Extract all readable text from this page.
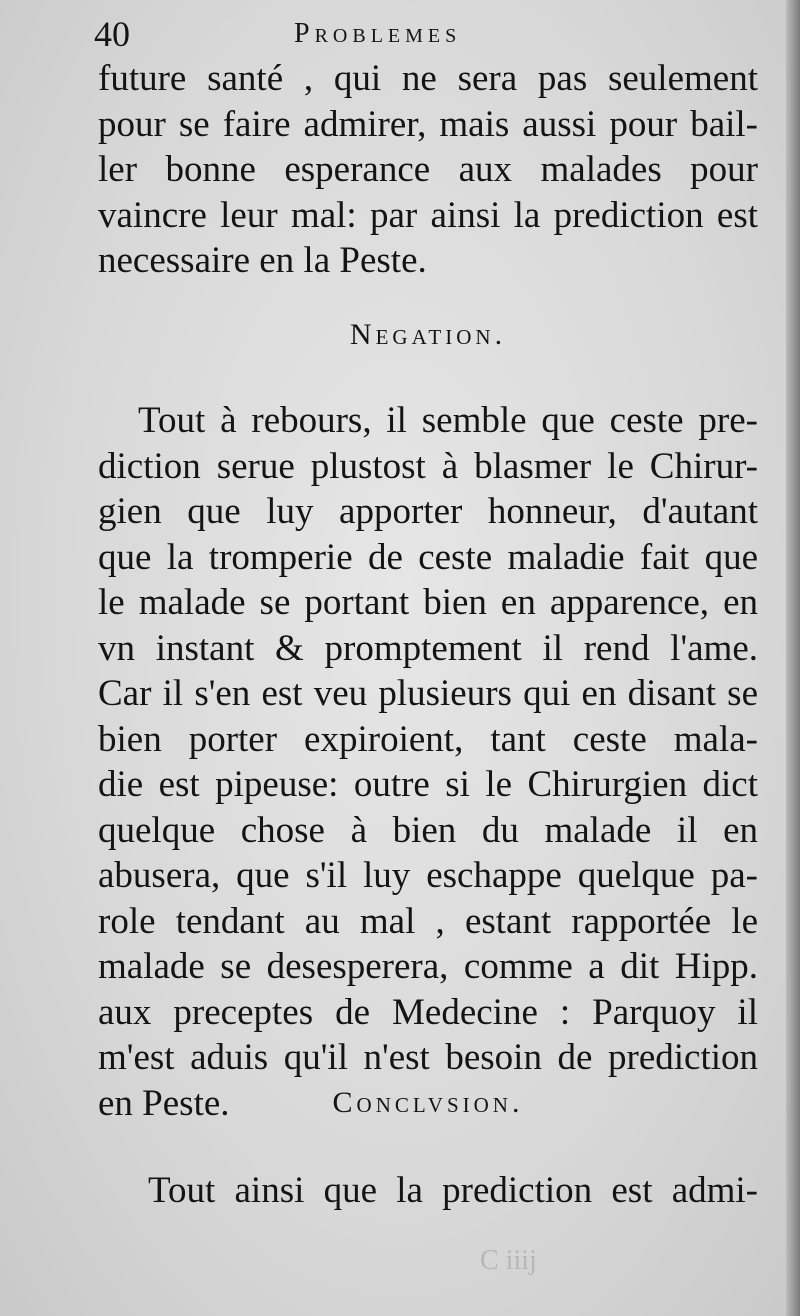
40	Problemes
future santé , qui ne sera pas seulement
pour se faire admirer, mais aussi pour bail-
ler bonne esperance aux malades pour
vaincre leur mal: par ainsi la prediction est
necessaire en la Peste.
Negation.
Tout à rebours, il semble que ceste pre-
diction serue plustost à blasmer le Chirur-
gien que luy apporter honneur, d'autant
que la tromperie de ceste maladie fait que
le malade se portant bien en apparence, en
vn instant & promptement il rend l'ame.
Car il s'en est veu plusieurs qui en disant se
bien porter expiroient, tant ceste mala-
die est pipeuse: outre si le Chirurgien dict
quelque chose à bien du malade il en
abusera, que s'il luy eschappe quelque pa-
role tendant au mal , estant rapportée le
malade se desesperera, comme a dit Hipp.
aux preceptes de Medecine : Parquoy il
m'est aduis qu'il n'est besoin de prediction
en Peste.	Conclvsion.
Tout ainsi que la prediction est admi-
C iiij
